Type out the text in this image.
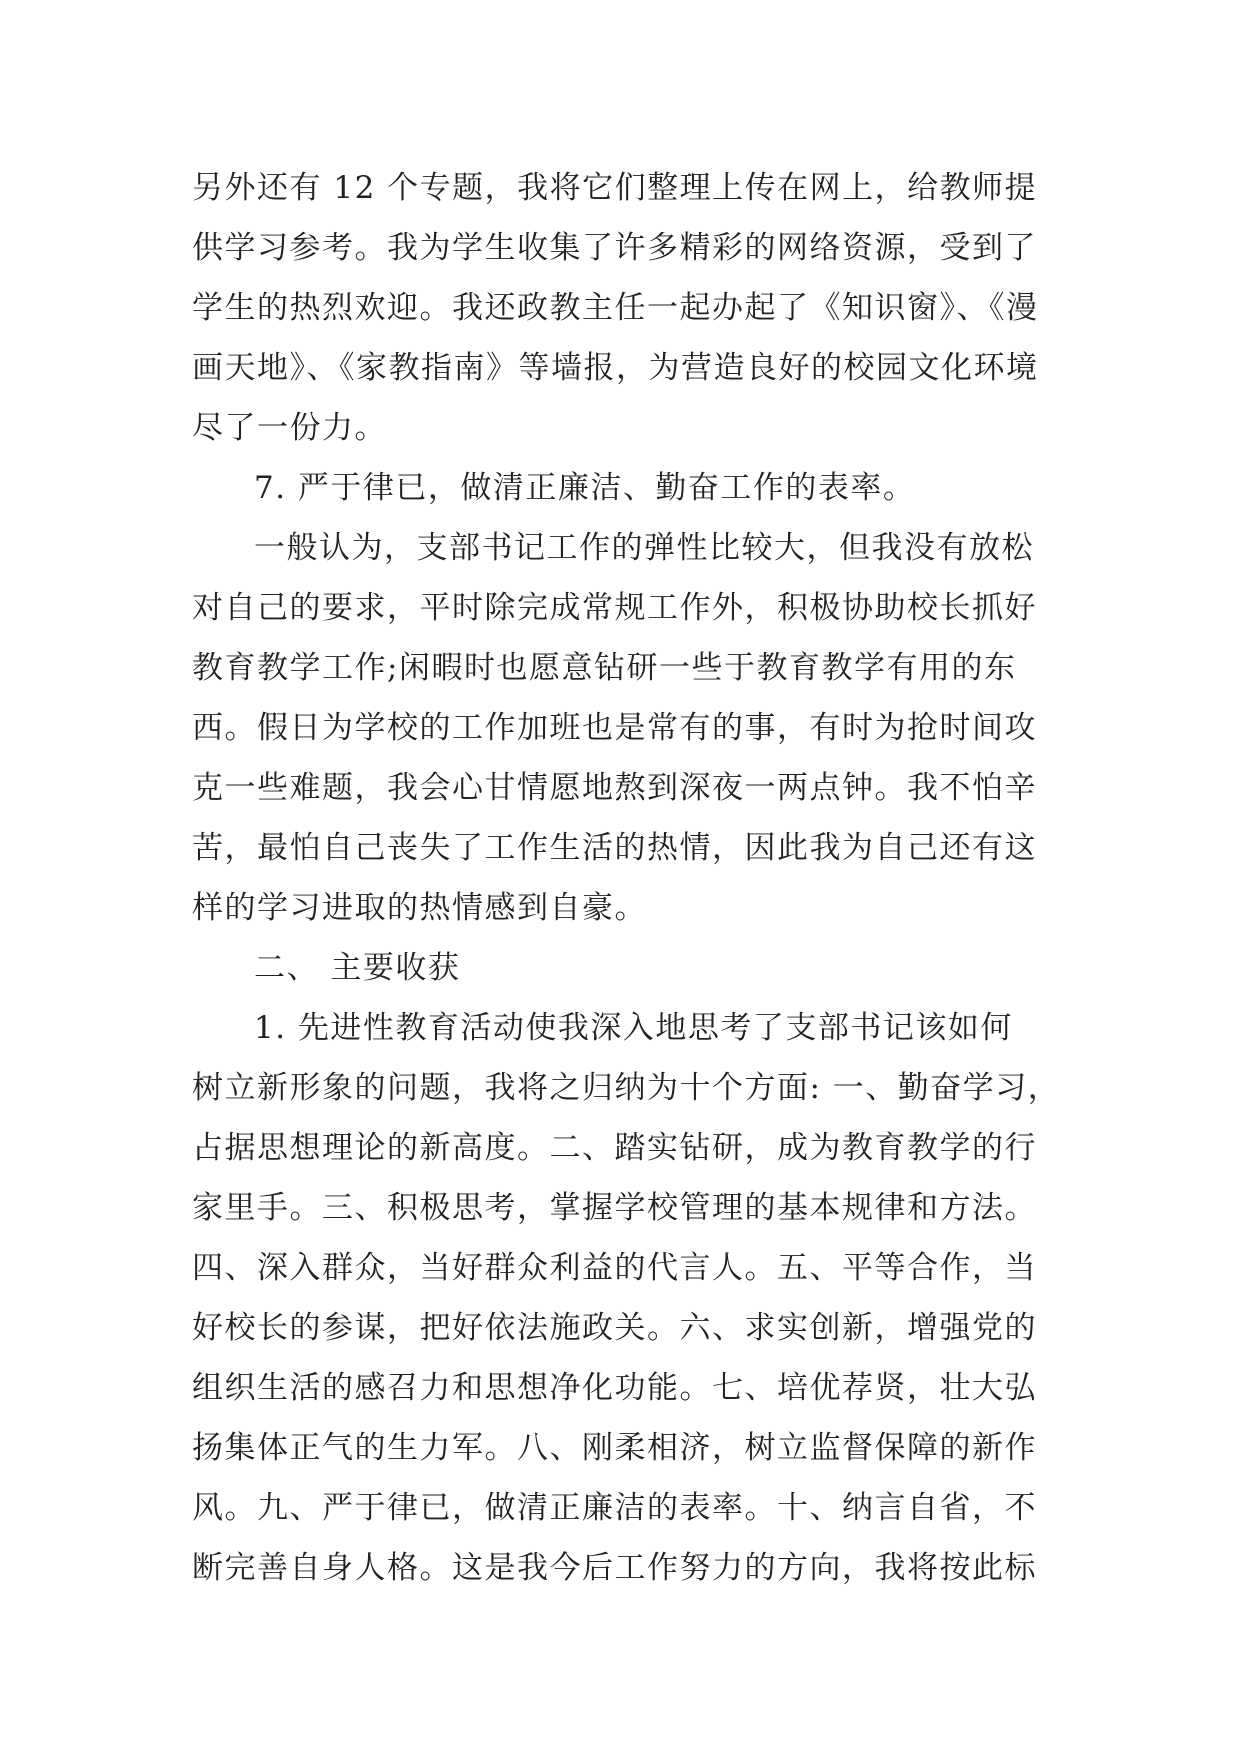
另外还有 12 个专题，我将它们整理上传在网上，给教师提
供学习参考。我为学生收集了许多精彩的网络资源，受到了
学生的热烈欢迎。我还政教主任一起办起了《知识窗》、《漫
画天地》、《家教指南》等墙报，为营造良好的校园文化环境
尽了一份力。
7. 严于律已，做清正廉洁、勤奋工作的表率。
一般认为，支部书记工作的弹性比较大，但我没有放松
对自己的要求，平时除完成常规工作外，积极协助校长抓好
教育教学工作;闲暇时也愿意钻研一些于教育教学有用的东
西。假日为学校的工作加班也是常有的事，有时为抢时间攻
克一些难题，我会心甘情愿地熬到深夜一两点钟。我不怕辛
苦，最怕自己丧失了工作生活的热情，因此我为自己还有这
样的学习进取的热情感到自豪。
二、 主要收获
1. 先进性教育活动使我深入地思考了支部书记该如何
树立新形象的问题，我将之归纳为十个方面: 一、勤奋学习，
占据思想理论的新高度。二、踏实钻研，成为教育教学的行
家里手。三、积极思考，掌握学校管理的基本规律和方法。
四、深入群众，当好群众利益的代言人。五、平等合作，当
好校长的参谋，把好依法施政关。六、求实创新，增强党的
组织生活的感召力和思想净化功能。七、培优荐贤，壮大弘
扬集体正气的生力军。八、刚柔相济，树立监督保障的新作
风。九、严于律已，做清正廉洁的表率。十、纳言自省，不
断完善自身人格。这是我今后工作努力的方向，我将按此标
